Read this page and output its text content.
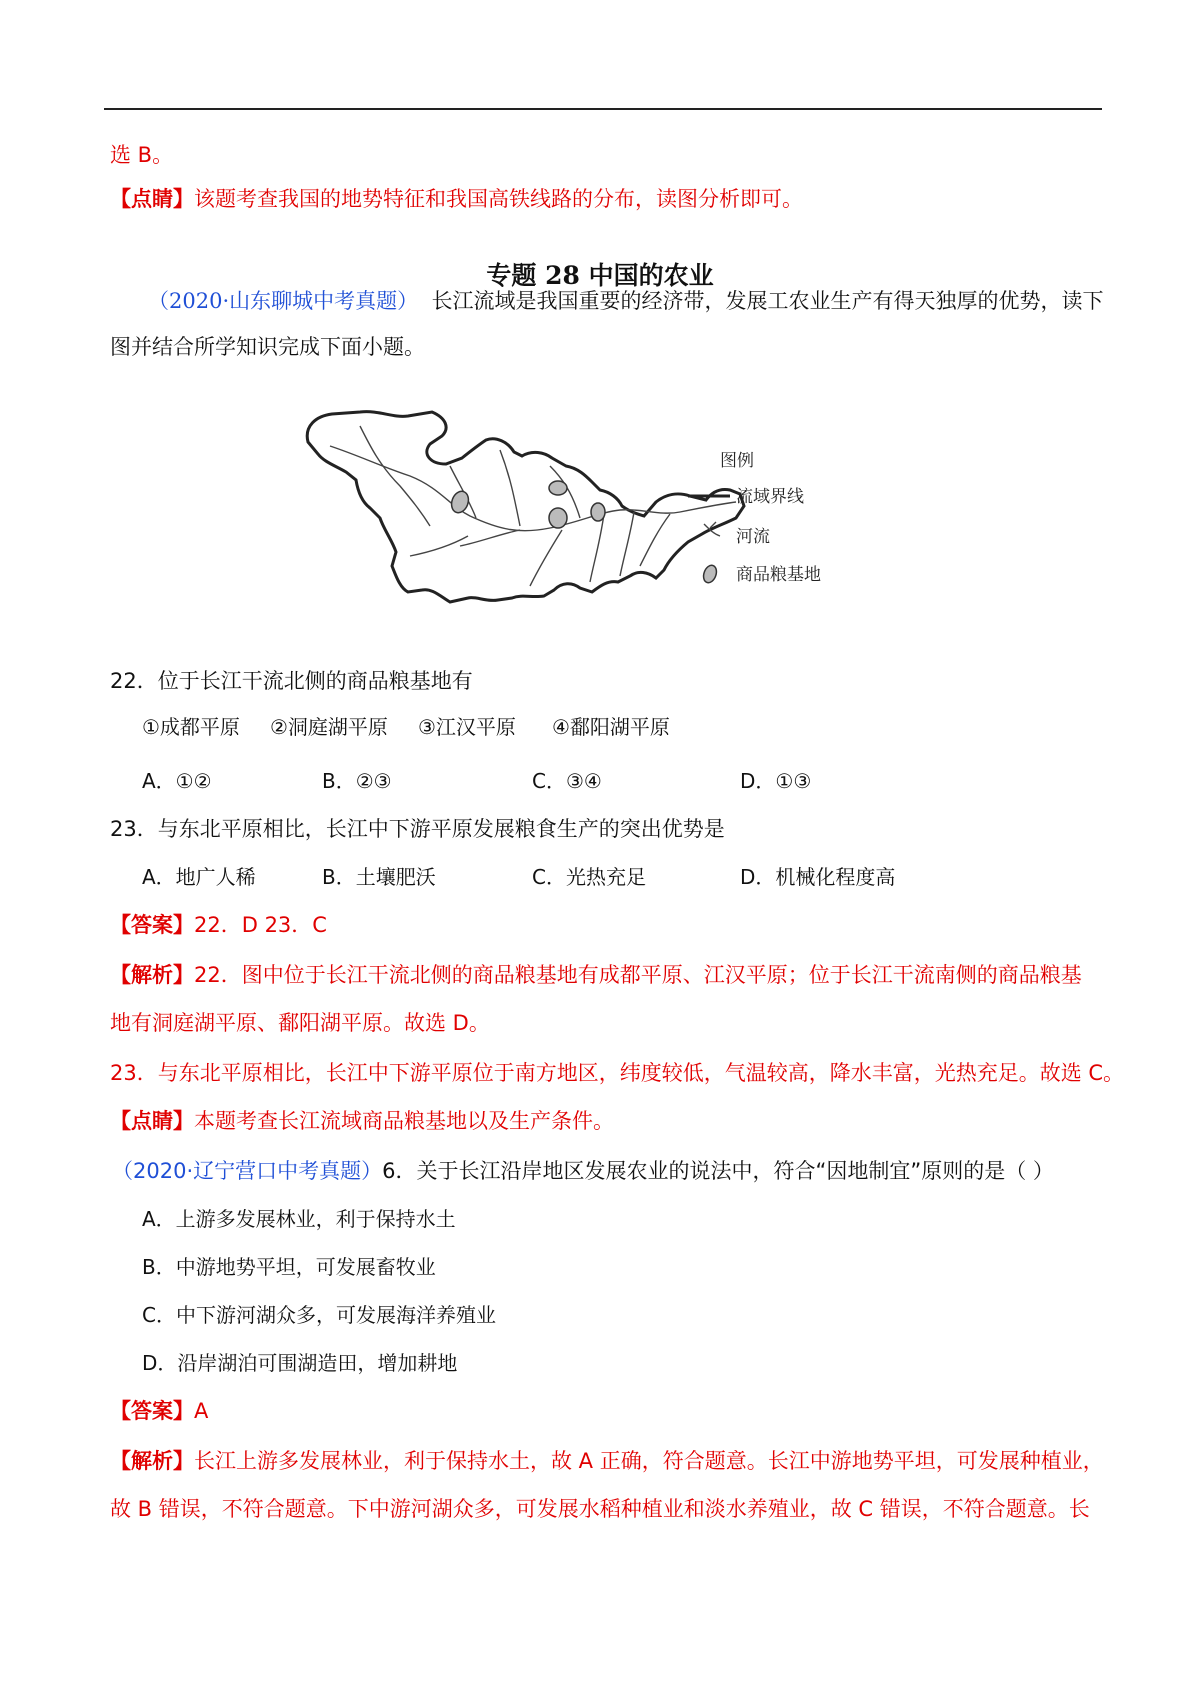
选 B。
【点睛】该题考查我国的地势特征和我国高铁线路的分布，读图分析即可。
专题 28 中国的农业
（2020·山东聊城中考真题） 长江流域是我国重要的经济带，发展工农业生产有得天独厚的优势，读下
图并结合所学知识完成下面小题。
图例
流域界线
河流
商品粮基地
22．位于长江干流北侧的商品粮基地有
①成都平原 ②洞庭湖平原 ③江汉平原 ④鄱阳湖平原
A．①②	B．②③	C．③④	D．①③
23．与东北平原相比，长江中下游平原发展粮食生产的突出优势是
A．地广人稀	B．土壤肥沃	C．光热充足	D．机械化程度高
【答案】22．D 23．C
【解析】22．图中位于长江干流北侧的商品粮基地有成都平原、江汉平原；位于长江干流南侧的商品粮基
地有洞庭湖平原、鄱阳湖平原。故选 D。
23．与东北平原相比，长江中下游平原位于南方地区，纬度较低，气温较高，降水丰富，光热充足。故选 C。
【点睛】本题考查长江流域商品粮基地以及生产条件。
（2020·辽宁营口中考真题）6．关于长江沿岸地区发展农业的说法中，符合“因地制宜”原则的是（ ）
A．上游多发展林业，利于保持水土
B．中游地势平坦，可发展畜牧业
C．中下游河湖众多，可发展海洋养殖业
D．沿岸湖泊可围湖造田，增加耕地
【答案】A
【解析】长江上游多发展林业，利于保持水土，故 A 正确，符合题意。长江中游地势平坦，可发展种植业，
故 B 错误，不符合题意。下中游河湖众多，可发展水稻种植业和淡水养殖业，故 C 错误，不符合题意。长
